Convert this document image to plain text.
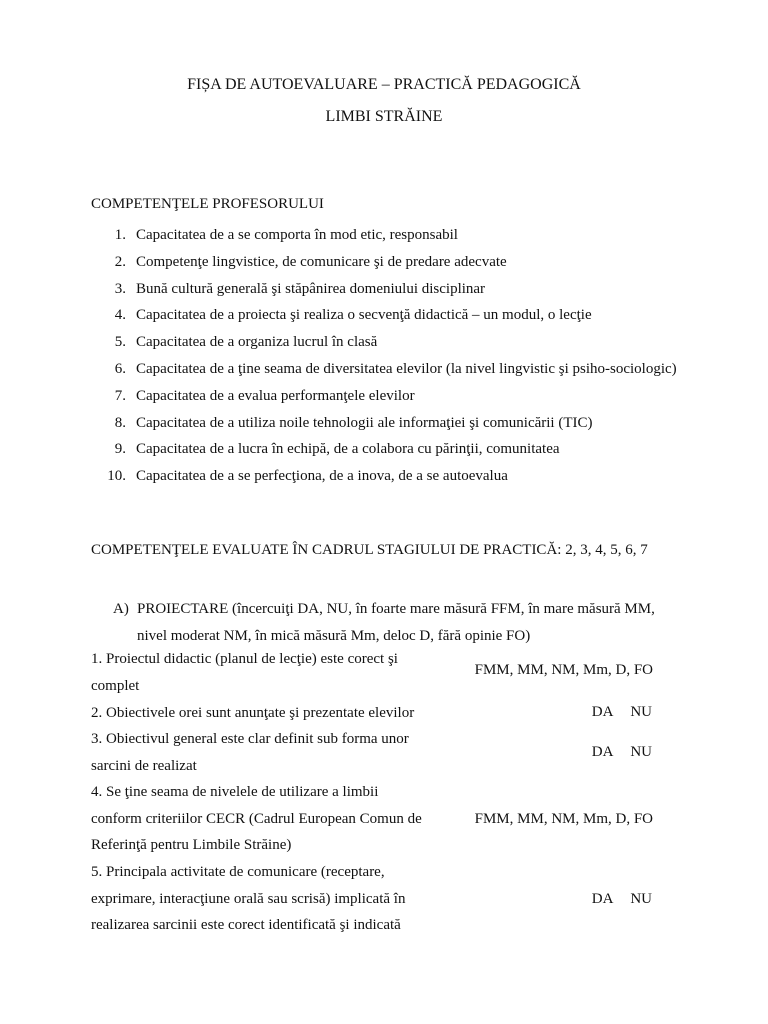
FIȘA DE AUTOEVALUARE – PRACTICĂ PEDAGOGICĂ
LIMBI STRĂINE
COMPETENŢELE PROFESORULUI
1. Capacitatea de a se comporta în mod etic, responsabil
2. Competenţe lingvistice, de comunicare şi de predare adecvate
3. Bună cultură generală şi stăpânirea domeniului disciplinar
4. Capacitatea de a proiecta şi realiza o secvenţă didactică – un modul, o lecţie
5. Capacitatea de a organiza lucrul în clasă
6. Capacitatea de a ţine seama de diversitatea elevilor (la nivel lingvistic şi psiho-sociologic)
7. Capacitatea de a evalua performanţele elevilor
8. Capacitatea de a utiliza noile tehnologii ale informaţiei şi comunicării (TIC)
9. Capacitatea de a lucra în echipă, de a colabora cu părinţii, comunitatea
10. Capacitatea de a se perfecţiona, de a inova, de a se autoevalua
COMPETENŢELE EVALUATE ÎN CADRUL STAGIULUI DE PRACTICĂ: 2, 3, 4, 5, 6, 7
A) PROIECTARE (încercuiţi DA, NU, în foarte mare măsură FFM, în mare măsură MM, nivel moderat NM, în mică măsură Mm, deloc D, fără opinie FO)
1. Proiectul didactic (planul de lecţie) este corect şi complet
FMM, MM, NM, Mm, D, FO
2. Obiectivele orei sunt anunţate şi prezentate elevilor	DA NU
3. Obiectivul general este clar definit sub forma unor sarcini de realizat
DA NU
4. Se ţine seama de nivelele de utilizare a limbii conform criteriilor CECR (Cadrul European Comun de Referinţă pentru Limbile Străine)
FMM, MM, NM, Mm, D, FO
5. Principala activitate de comunicare (receptare, exprimare, interacţiune orală sau scrisă) implicată în realizarea sarcinii este corect identificată şi indicată
DA NU
